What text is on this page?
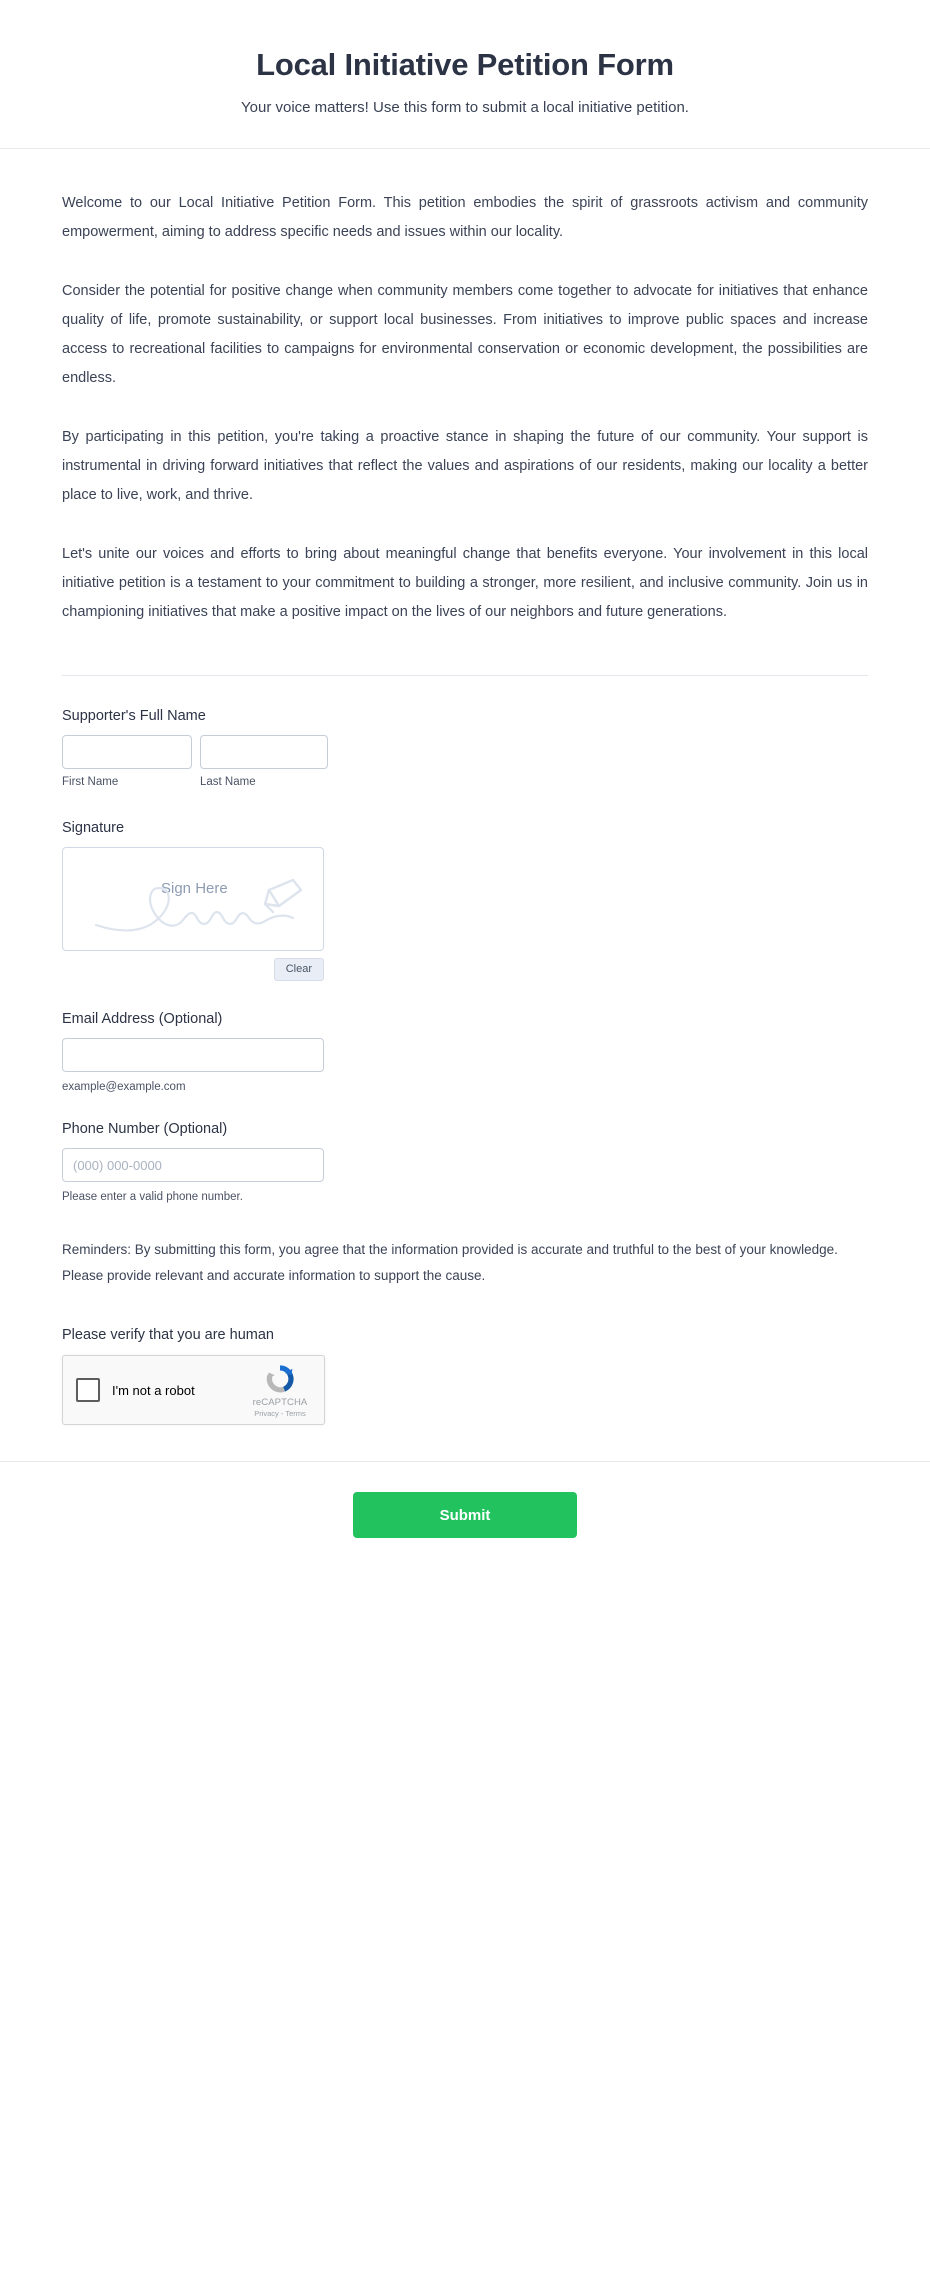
Local Initiative Petition Form

Your voice matters! Use this form to submit a local initiative petition.

Welcome to our Local Initiative Petition Form. This petition embodies the spirit of grassroots activism and community empowerment, aiming to address specific needs and issues within our locality.

Consider the potential for positive change when community members come together to advocate for initiatives that enhance quality of life, promote sustainability, or support local businesses. From initiatives to improve public spaces and increase access to recreational facilities to campaigns for environmental conservation or economic development, the possibilities are endless.

By participating in this petition, you're taking a proactive stance in shaping the future of our community. Your support is instrumental in driving forward initiatives that reflect the values and aspirations of our residents, making our locality a better place to live, work, and thrive.

Let's unite our voices and efforts to bring about meaningful change that benefits everyone. Your involvement in this local initiative petition is a testament to your commitment to building a stronger, more resilient, and inclusive community. Join us in championing initiatives that make a positive impact on the lives of our neighbors and future generations.

Supporter's Full Name
First Name	Last Name
Signature
Sign Here
Clear
Email Address (Optional)
example@example.com
Phone Number (Optional)
(000) 000-0000
Please enter a valid phone number.

Reminders: By submitting this form, you agree that the information provided is accurate and truthful to the best of your knowledge. Please provide relevant and accurate information to support the cause.

Please verify that you are human
I'm not a robot
reCAPTCHA
Privacy - Terms
Submit
